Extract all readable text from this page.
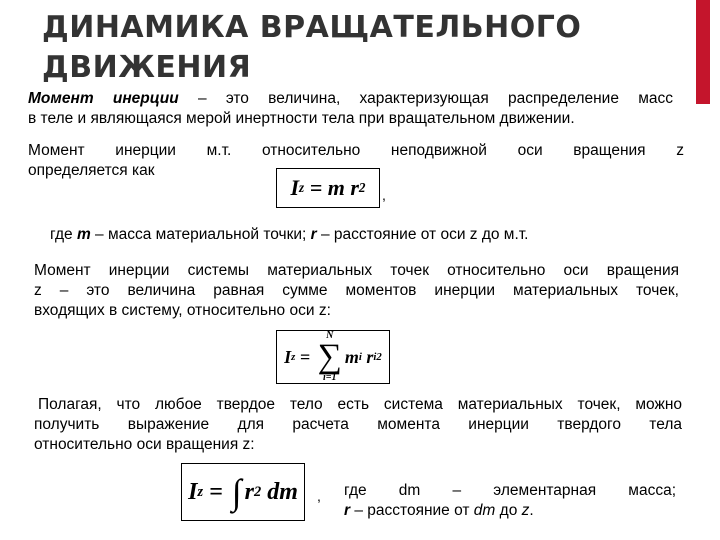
ДИНАМИКА ВРАЩАТЕЛЬНОГО
ДВИЖЕНИЯ
Момент инерции – это величина, характеризующая распределение масс
в теле и являющаяся мерой инертности тела при вращательном движении.
Момент инерции м.т. относительно неподвижной оси вращения z
определяется как
I z = m r 2 ,
где m – масса материальной точки; r – расстояние от оси z до м.т.
Момент инерции системы материальных точек относительно оси вращения
z – это величина равная сумме моментов инерции материальных точек,
входящих в систему, относительно оси z:
I z =
N
∑
i=1
m i
r i 2
Полагая, что любое твердое тело есть система материальных точек, можно
получить выражение для расчета момента инерции твердого тела
относительно оси вращения z:
I z = ∫ r 2 dm ,	где dm – элементарная масса;
r – расстояние от dm до z.
